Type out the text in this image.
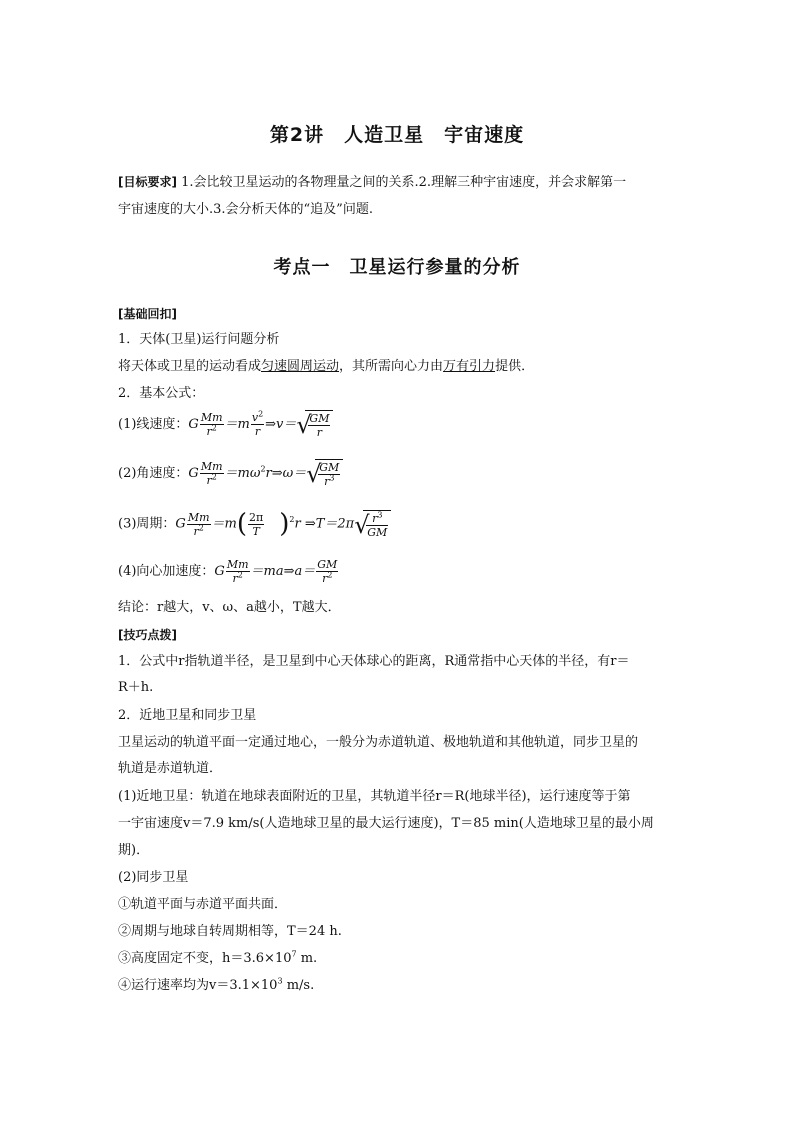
第2讲　人造卫星　宇宙速度
[目标要求] 1.会比较卫星运动的各物理量之间的关系.2.理解三种宇宙速度，并会求解第一
宇宙速度的大小.3.会分析天体的“追及”问题.
考点一　卫星运行参量的分析
[基础回扣]
1．天体(卫星)运行问题分析
将天体或卫星的运动看成匀速圆周运动，其所需向心力由万有引力提供．
2．基本公式：
(1)线速度：G $\frac{Mm}{r^2} =m \frac{v^2}{r}$ ⇒v＝ √
$\frac{GM}{r}$
(2)角速度：G $\frac{Mm}{r^2}$ $=m\omega^2r\Rightarrow\omega=$ √
$\frac{GM}{r^3}$
(3)周期：G $\frac{Mm}{r^2} =m( \frac{2\pi}{T} )^2r$ ⇒T＝2π √
$\frac{r^3}{GM}$
(4)向心加速度：G $\frac{Mm}{r^2}$ ＝ma⇒a＝ $\frac{GM}{r^2}$
结论：r越大，v、ω、a越小，T越大．
[技巧点拨]
1．公式中r指轨道半径，是卫星到中心天体球心的距离，R通常指中心天体的半径，有r＝
R＋h.
2．近地卫星和同步卫星
卫星运动的轨道平面一定通过地心，一般分为赤道轨道、极地轨道和其他轨道，同步卫星的
轨道是赤道轨道．
(1)近地卫星：轨道在地球表面附近的卫星，其轨道半径r＝R(地球半径)，运行速度等于第
一宇宙速度v＝7.9 km/s(人造地球卫星的最大运行速度)，T＝85 min(人造地球卫星的最小周
期)．
(2)同步卫星
①轨道平面与赤道平面共面．
②周期与地球自转周期相等，T＝24 h.
③高度固定不变，$h=3.6\times 10^7$ m.
④运行速率均为$v=3.1\times 10^3$ m/s.
